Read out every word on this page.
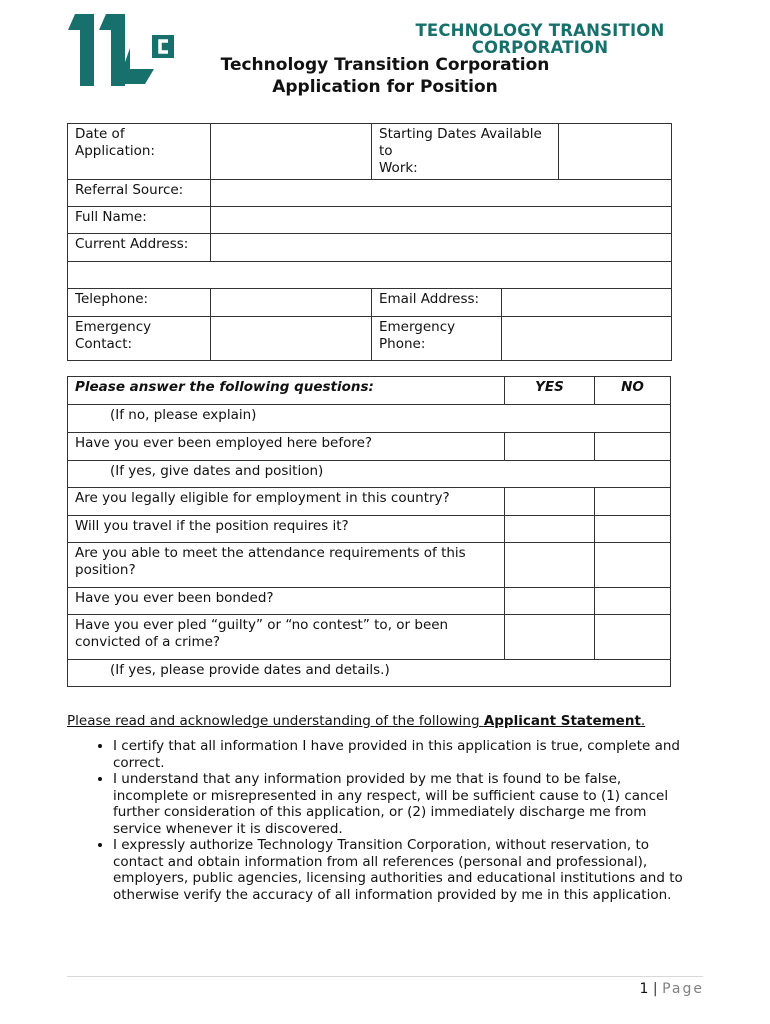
TECHNOLOGY TRANSITION
CORPORATION
Technology Transition Corporation
Application for Position
Date of
Application:		Starting Dates Available to
Work:		
Referral Source:				
Full Name:				
Current Address:				

Telephone:		Email Address:		
Emergency
Contact:		Emergency
Phone:		
Please answer the following questions:	YES	NO
(If no, please explain)		
Have you ever been employed here before?		
(If yes, give dates and position)		
Are you legally eligible for employment in this country?		
Will you travel if the position requires it?		
Are you able to meet the attendance requirements of this
position?		
Have you ever been bonded?		
Have you ever pled “guilty” or “no contest” to, or been
convicted of a crime?		
(If yes, please provide dates and details.)		
Please read and acknowledge understanding of the following Applicant Statement.
• I certify that all information I have provided in this application is true, complete and
correct.
• I understand that any information provided by me that is found to be false,
incomplete or misrepresented in any respect, will be sufficient cause to (1) cancel
further consideration of this application, or (2) immediately discharge me from
service whenever it is discovered.
• I expressly authorize Technology Transition Corporation, without reservation, to
contact and obtain information from all references (personal and professional),
employers, public agencies, licensing authorities and educational institutions and to
otherwise verify the accuracy of all information provided by me in this application.
1 | Page
